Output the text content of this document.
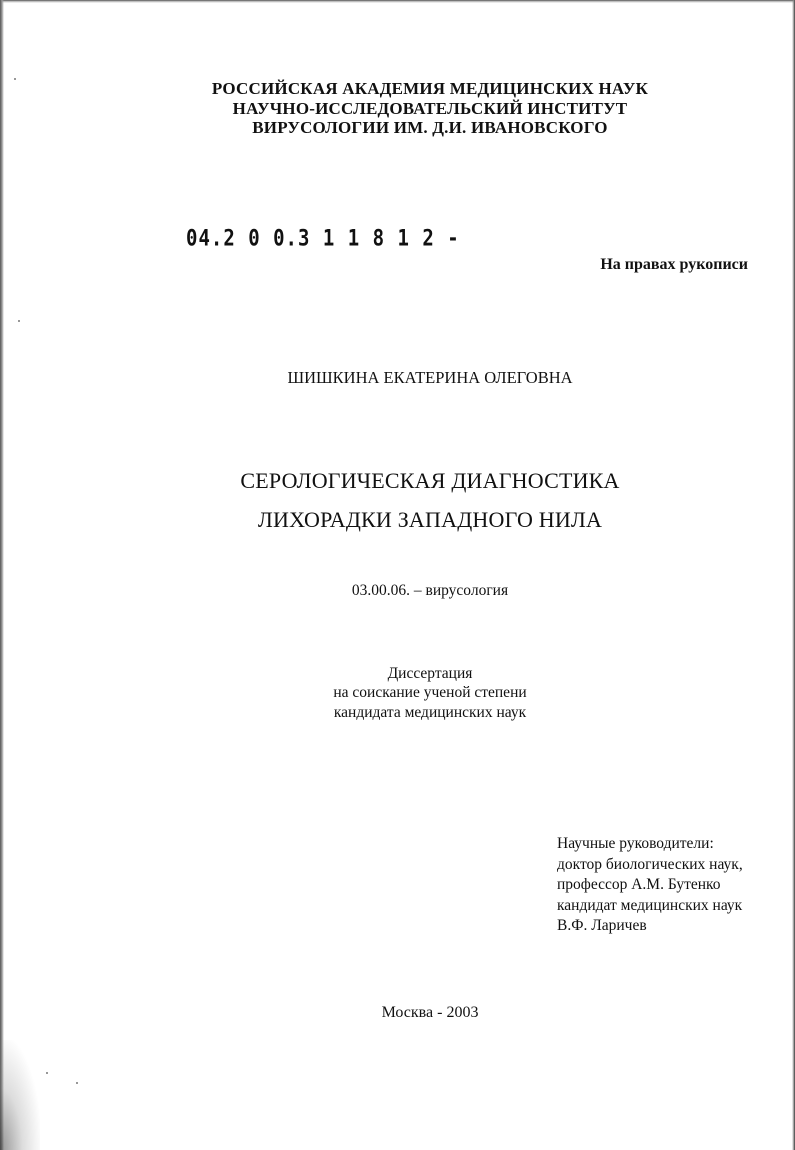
РОССИЙСКАЯ АКАДЕМИЯ МЕДИЦИНСКИХ НАУК
НАУЧНО-ИССЛЕДОВАТЕЛЬСКИЙ ИНСТИТУТ
ВИРУСОЛОГИИ ИМ. Д.И. ИВАНОВСКОГО
04.2 0 0.3 1 1 8 1 2 -
На правах рукописи
ШИШКИНА ЕКАТЕРИНА ОЛЕГОВНА
СЕРОЛОГИЧЕСКАЯ ДИАГНОСТИКА
ЛИХОРАДКИ ЗАПАДНОГО НИЛА
03.00.06. – вирусология
Диссертация
на соискание ученой степени
кандидата медицинских наук
Научные руководители:
доктор биологических наук,
профессор А.М. Бутенко
кандидат медицинских наук
В.Ф. Ларичев
Москва - 2003
